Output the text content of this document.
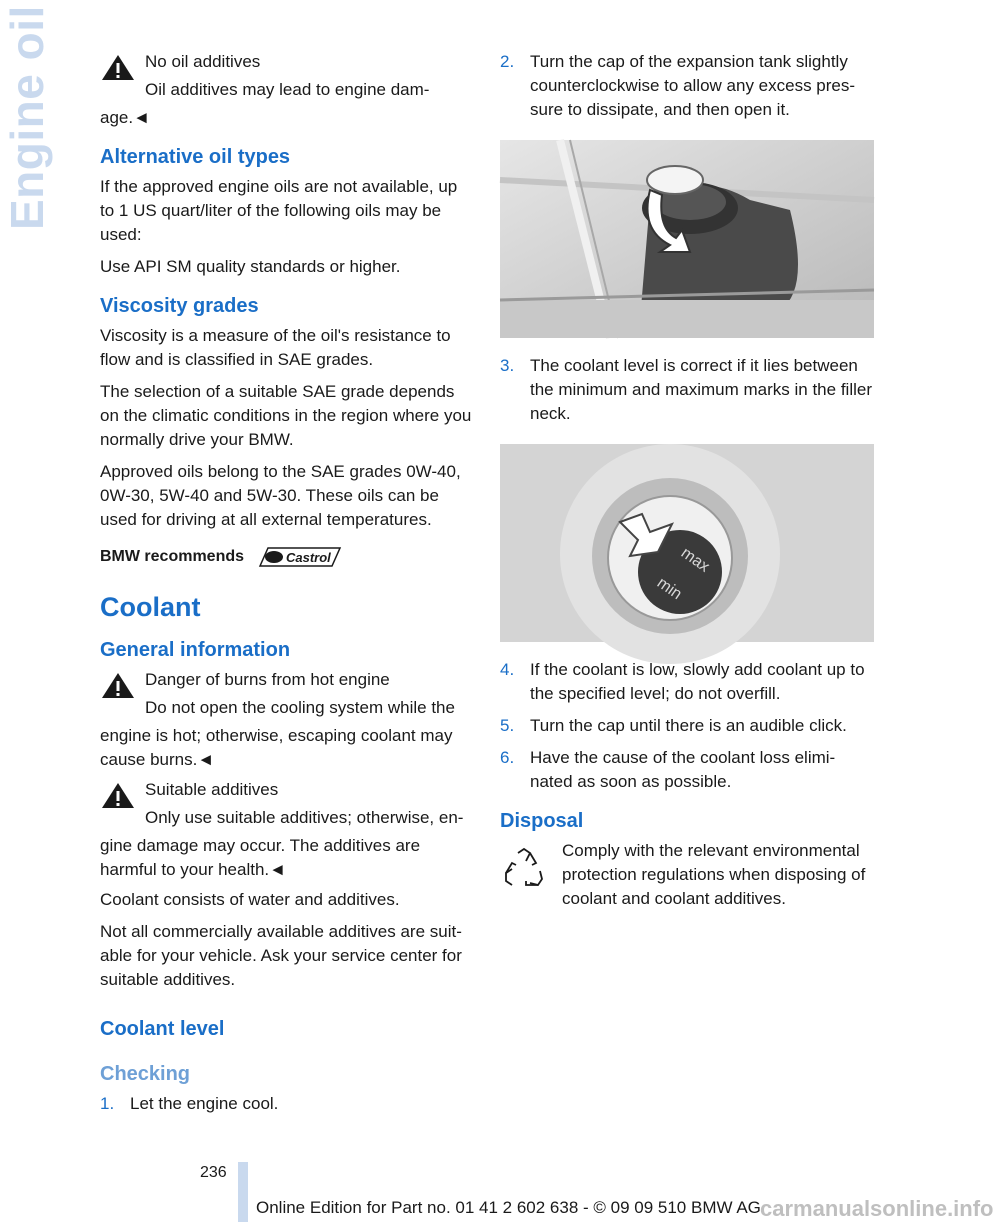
Engine oil	No oil additives

Oil additives may lead to engine dam-

age.◄

Alternative oil types

If the approved engine oils are not available, up to 1 US quart/liter of the following oils may be used:

Use API SM quality standards or higher.

Viscosity grades

Viscosity is a measure of the oil's resistance to flow and is classified in SAE grades.

The selection of a suitable SAE grade depends on the climatic conditions in the region where you normally drive your BMW.

Approved oils belong to the SAE grades 0W-40, 0W-30, 5W-40 and 5W-30. These oils can be used for driving at all external temperatures.

BMW recommends	Castrol
Coolant
General information

Danger of burns from hot engine

Do not open the cooling system while the

engine is hot; otherwise, escaping coolant may cause burns.◄

Suitable additives

Only use suitable additives; otherwise, en-

gine damage may occur. The additives are harmful to your health.◄

Coolant consists of water and additives.

Not all commercially available additives are suit-able for your vehicle. Ask your service center for suitable additives.

Coolant level
Checking
1. Let the engine cool.
2. Turn the cap of the expansion tank slightly counterclockwise to allow any excess pres-sure to dissipate, and then open it.
3. The coolant level is correct if it lies between the minimum and maximum marks in the filler neck.
max
min
4. If the coolant is low, slowly add coolant up to the specified level; do not overfill.
5. Turn the cap until there is an audible click.
6. Have the cause of the coolant loss elimi-nated as soon as possible.
Disposal

Comply with the relevant environmental protection regulations when disposing of coolant and coolant additives.

236
Online Edition for Part no. 01 41 2 602 638 - © 09 09 510 BMW AG carmanualsonline.info
